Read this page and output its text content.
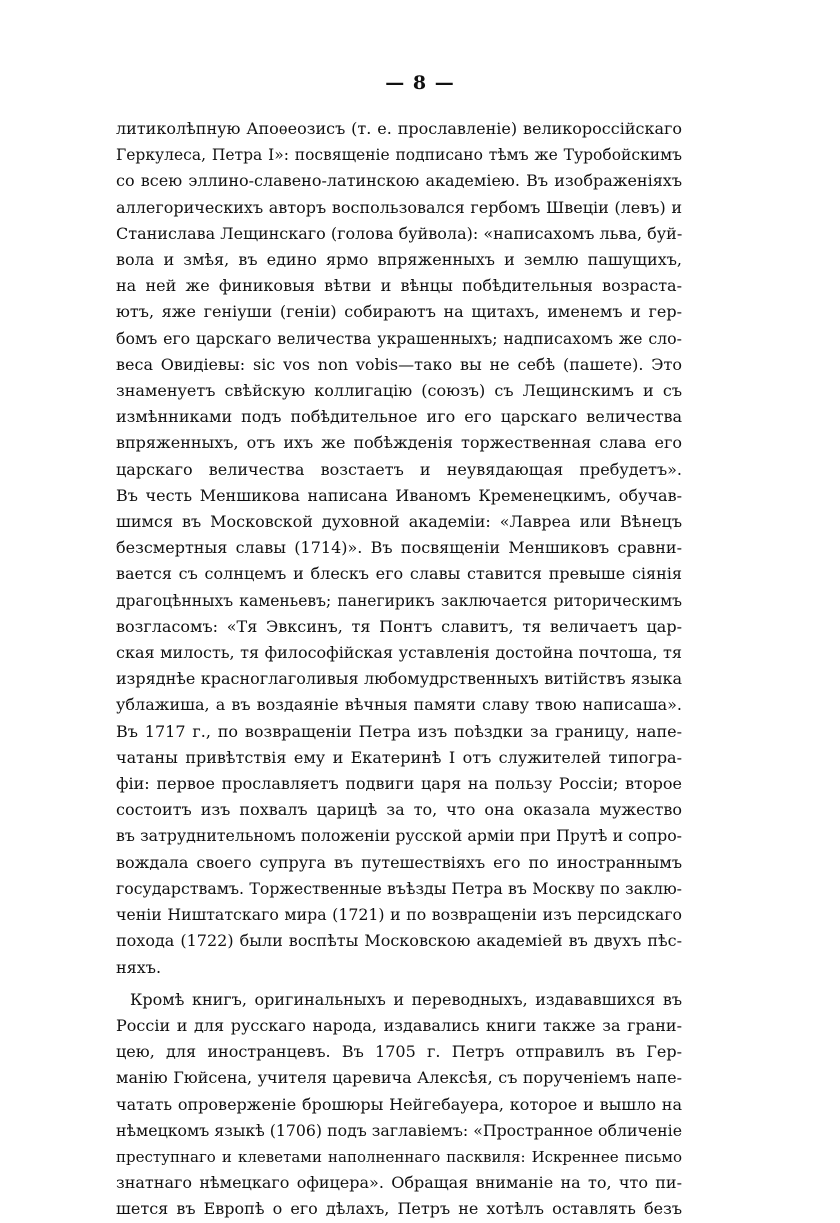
— 8 —
литиколѣпную Апоѳеозисъ (т. е. прославленіе) великороссійскаго
Геркулеса, Петра I»: посвященіе подписано тѣмъ же Туробойскимъ
со всею эллино-славено-латинскою академіею. Въ изображеніяхъ
аллегорическихъ авторъ воспользовался гербомъ Швеціи (левъ) и
Станислава Лещинскаго (голова буйвола): «написахомъ льва, буй-
вола и змѣя, въ едино ярмо впряженныхъ и землю пашущихъ,
на ней же финиковыя вѣтви и вѣнцы побѣдительныя возраста-
ютъ, яже геніуши (геніи) собираютъ на щитахъ, именемъ и гер-
бомъ его царскаго величества украшенныхъ; надписахомъ же сло-
веса Овидіевы: sic vos non vobis—тако вы не себѣ (пашете). Это
знаменуетъ свѣйскую коллигацію (союзъ) съ Лещинскимъ и съ
измѣнниками подъ побѣдительное иго его царскаго величества
впряженныхъ, отъ ихъ же побѣжденія торжественная слава его
царскаго величества возстаетъ и неувядающая пребудетъ».
Въ честь Меншикова написана Иваномъ Кременецкимъ, обучав-
шимся въ Московской духовной академіи: «Лавреа или Вѣнецъ
безсмертныя славы (1714)». Въ посвященіи Меншиковъ сравни-
вается съ солнцемъ и блескъ его славы ставится превыше сіянія
драгоцѣнныхъ каменьевъ; панегирикъ заключается риторическимъ
возгласомъ: «Тя Эвксинъ, тя Понтъ славитъ, тя величаетъ цар-
ская милость, тя философійская уставленія достойна почтоша, тя
изряднѣе красноглаголивыя любомудрственныхъ витійствъ языка
ублажиша, а въ воздаяніе вѣчныя памяти славу твою написаша».
Въ 1717 г., по возвращеніи Петра изъ поѣздки за границу, напе-
чатаны привѣтствія ему и Екатеринѣ I отъ служителей типогра-
фіи: первое прославляетъ подвиги царя на пользу Россіи; второе
состоитъ изъ похвалъ царицѣ за то, что она оказала мужество
въ затруднительномъ положеніи русской арміи при Прутѣ и сопро-
вождала своего супруга въ путешествіяхъ его по иностраннымъ
государствамъ. Торжественные въѣзды Петра въ Москву по заклю-
ченіи Ништатскаго мира (1721) и по возвращеніи изъ персидскаго
похода (1722) были воспѣты Московскою академіей въ двухъ пѣс-
няхъ.
Кромѣ книгъ, оригинальныхъ и переводныхъ, издававшихся въ
Россіи и для русскаго народа, издавались книги также за грани-
цею, для иностранцевъ. Въ 1705 г. Петръ отправилъ въ Гер-
манію Гюйсена, учителя царевича Алексѣя, съ порученіемъ напе-
чатать опроверженіе брошюры Нейгебауера, которое и вышло на
нѣмецкомъ языкѣ (1706) подъ заглавіемъ: «Пространное обличеніе
преступнаго и клеветами наполненнаго пасквиля: Искреннее письмо
знатнаго нѣмецкаго офицера». Обращая вниманіе на то, что пи-
шется въ Европѣ о его дѣлахъ, Петръ не хотѣлъ оставлять безъ
